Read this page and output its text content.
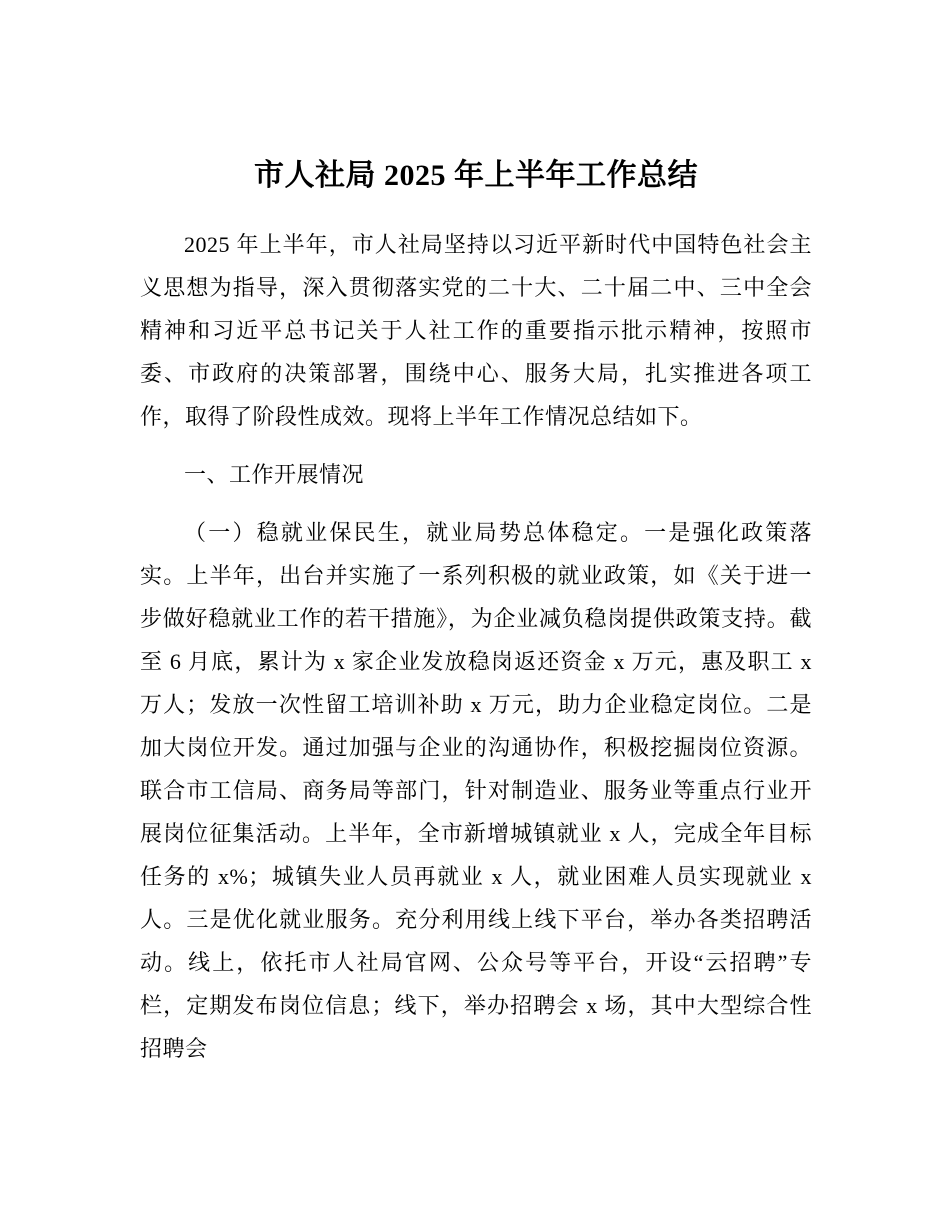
市人社局 2025 年上半年工作总结

2025 年上半年，市人社局坚持以习近平新时代中国特色社会主义思想为指导，深入贯彻落实党的二十大、二十届二中、三中全会精神和习近平总书记关于人社工作的重要指示批示精神，按照市委、市政府的决策部署，围绕中心、服务大局，扎实推进各项工作，取得了阶段性成效。现将上半年工作情况总结如下。

一、工作开展情况

（一）稳就业保民生，就业局势总体稳定。一是强化政策落实。上半年，出台并实施了一系列积极的就业政策，如《关于进一步做好稳就业工作的若干措施》，为企业减负稳岗提供政策支持。截至 6 月底，累计为 x 家企业发放稳岗返还资金 x 万元，惠及职工 x 万人；发放一次性留工培训补助 x 万元，助力企业稳定岗位。二是加大岗位开发。通过加强与企业的沟通协作，积极挖掘岗位资源。联合市工信局、商务局等部门，针对制造业、服务业等重点行业开展岗位征集活动。上半年，全市新增城镇就业 x 人，完成全年目标任务的 x%；城镇失业人员再就业 x 人，就业困难人员实现就业 x 人。三是优化就业服务。充分利用线上线下平台，举办各类招聘活动。线上，依托市人社局官网、公众号等平台，开设“云招聘”专栏，定期发布岗位信息；线下，举办招聘会 x 场，其中大型综合性招聘会
